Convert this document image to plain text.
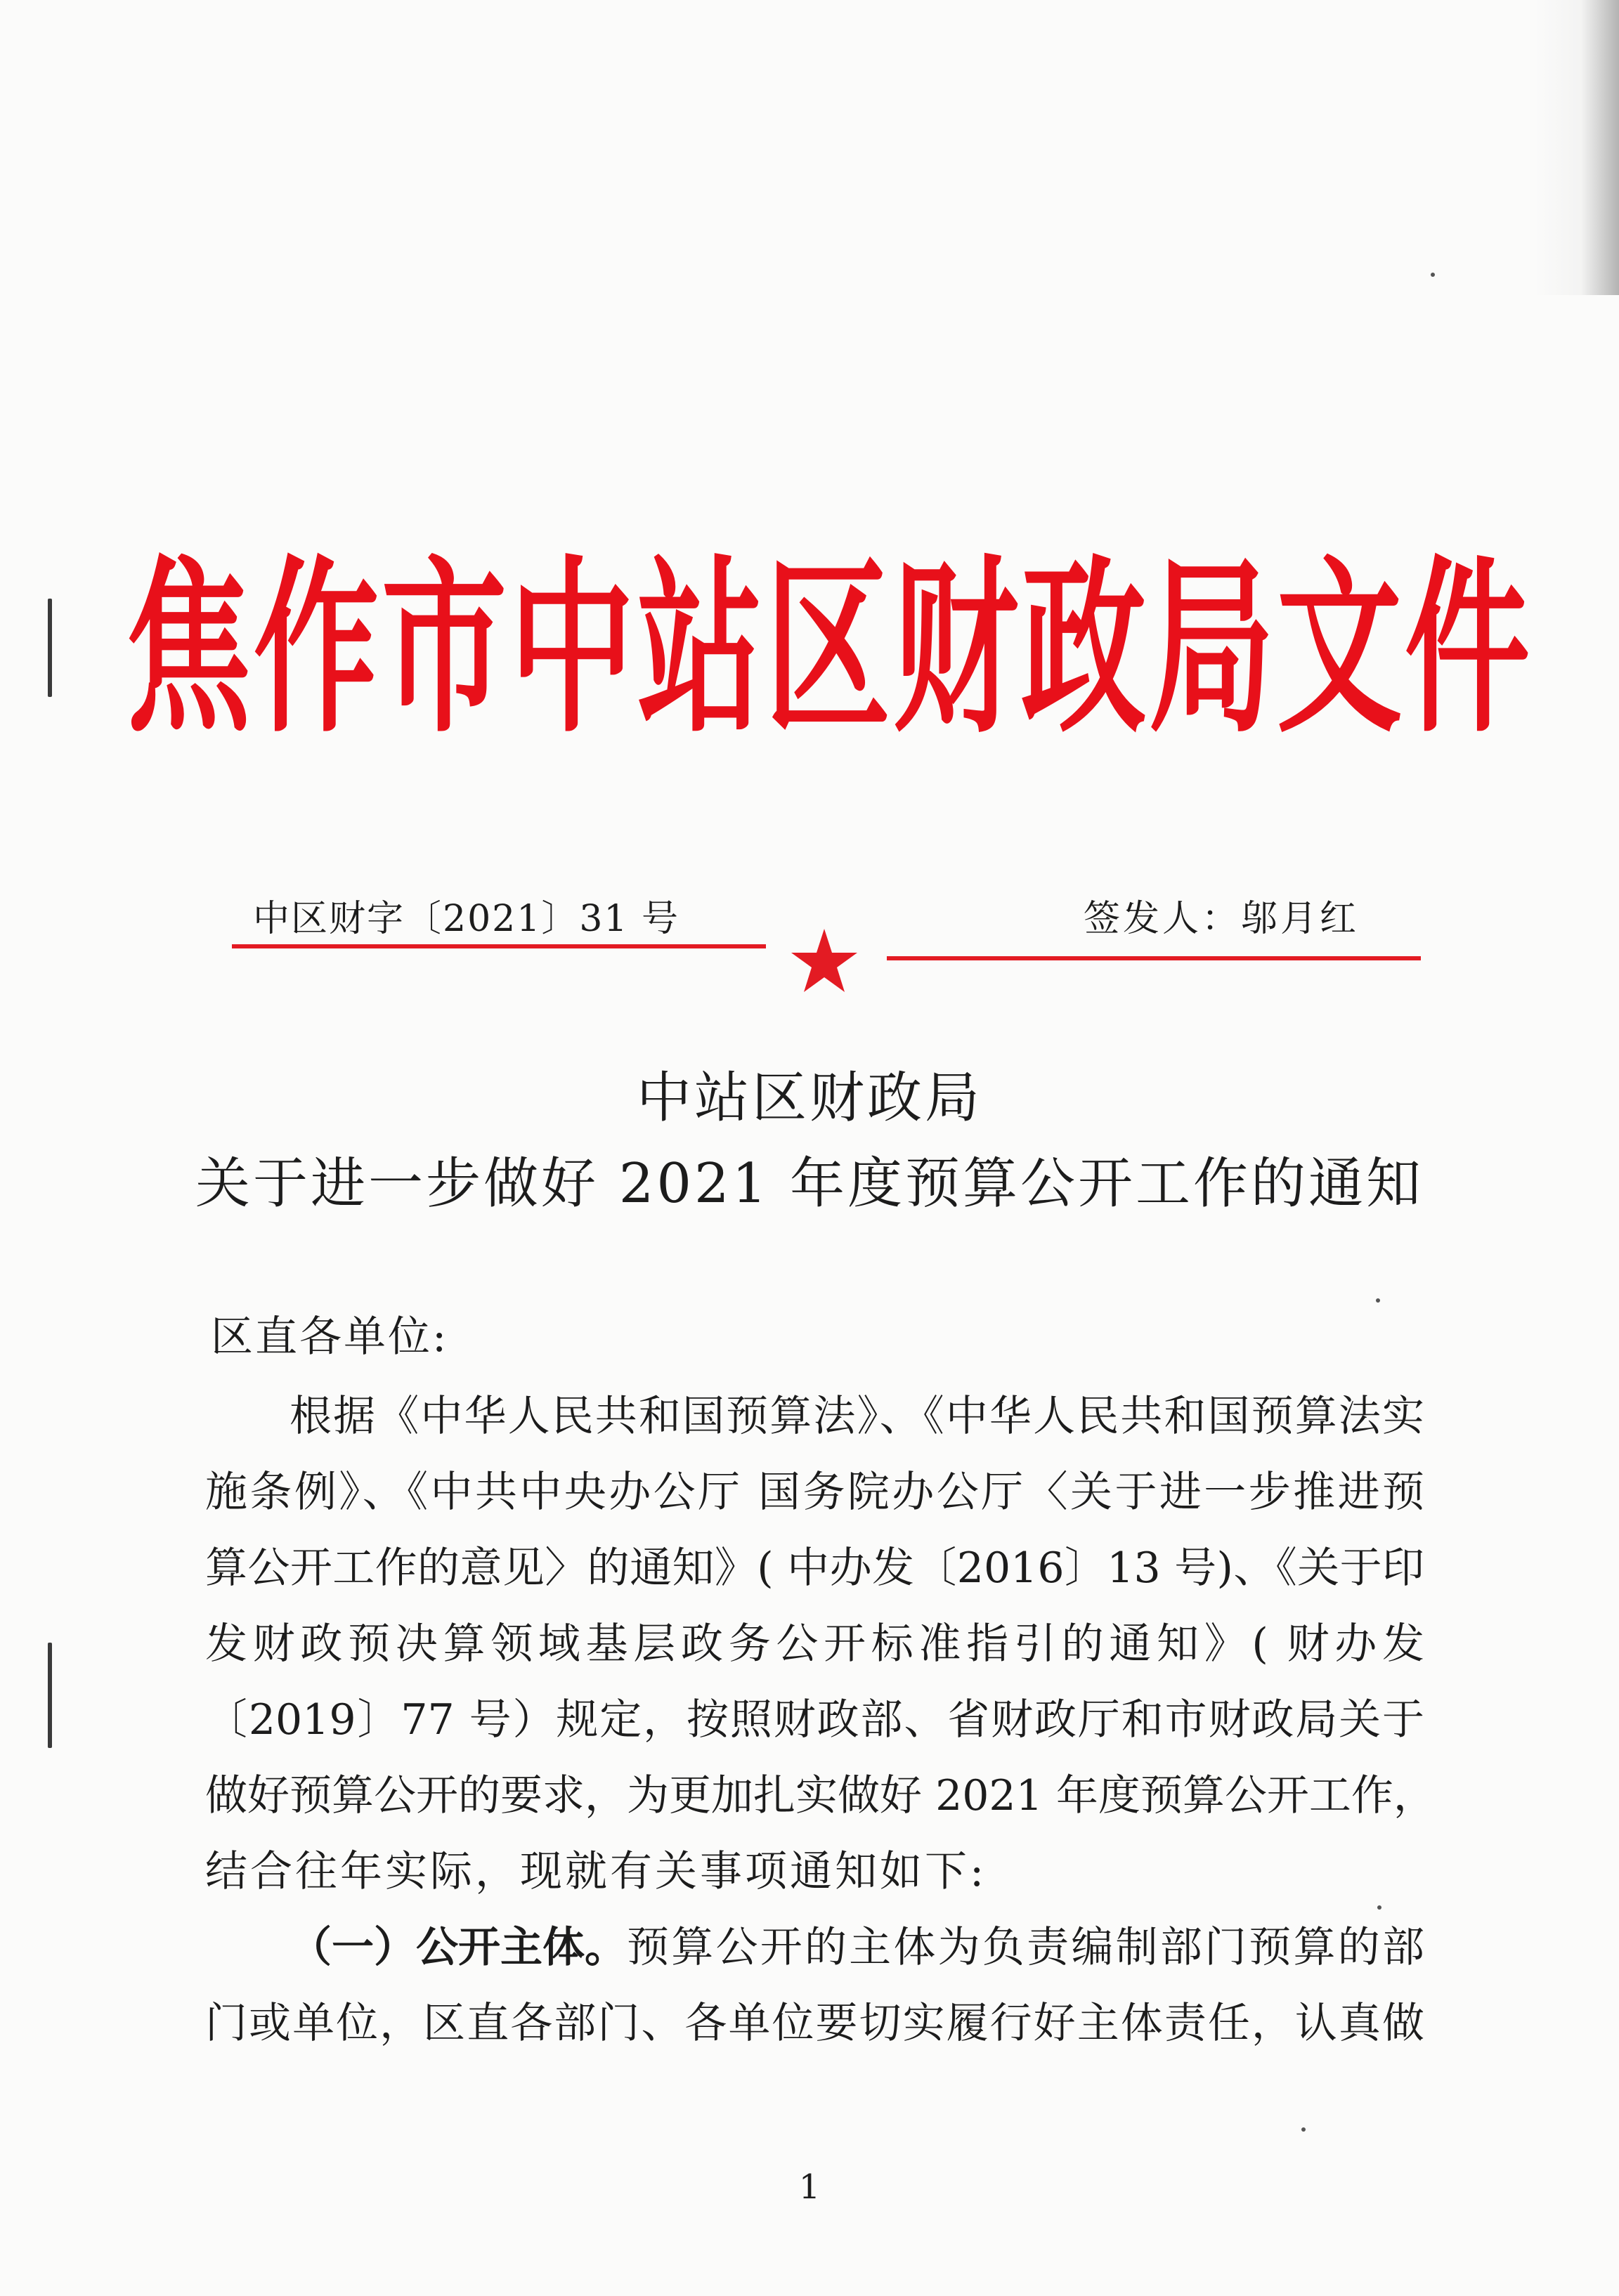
焦作市中站区财政局文件
中区财字〔2021〕31 号	签发人：邬月红
中站区财政局
关于进一步做好 2021 年度预算公开工作的通知
区直各单位:
根据《中华人民共和国预算法》、《中华人民共和国预算法实
施条例》、《中共中央办公厅 国务院办公厅〈关于进一步推进预
算公开工作的意见〉的通知》( 中办发〔2016〕13 号)、《关于印
发财政预决算领域基层政务公开标准指引的通知》( 财办发
〔2019〕77 号）规定，按照财政部、省财政厅和市财政局关于
做好预算公开的要求，为更加扎实做好 2021 年度预算公开工作，
结合往年实际，现就有关事项通知如下:
（一）公开主体。 预算公开的主体为负责编制部门预算的部
门或单位，区直各部门、各单位要切实履行好主体责任，认真做
1
